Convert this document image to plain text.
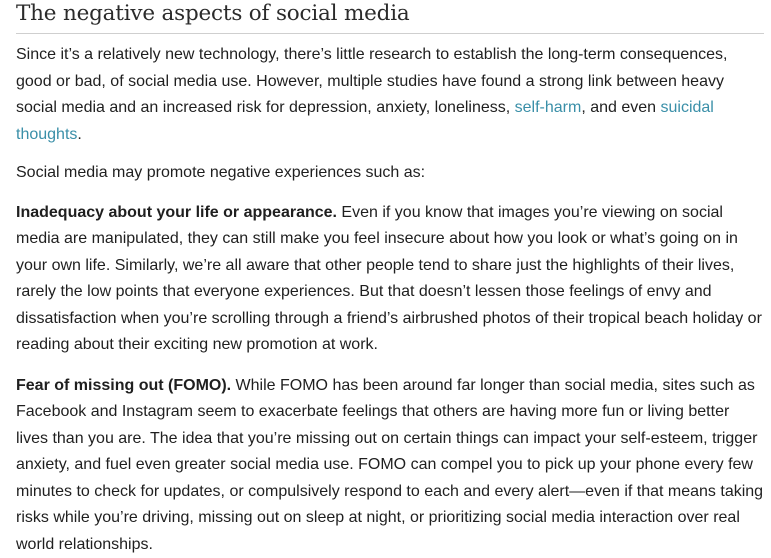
The negative aspects of social media

Since it’s a relatively new technology, there’s little research to establish the long-term consequences, good or bad, of social media use. However, multiple studies have found a strong link between heavy social media and an increased risk for depression, anxiety, loneliness, self-harm, and even suicidal thoughts.

Social media may promote negative experiences such as:

Inadequacy about your life or appearance. Even if you know that images you’re viewing on social media are manipulated, they can still make you feel insecure about how you look or what’s going on in your own life. Similarly, we’re all aware that other people tend to share just the highlights of their lives, rarely the low points that everyone experiences. But that doesn’t lessen those feelings of envy and dissatisfaction when you’re scrolling through a friend’s airbrushed photos of their tropical beach holiday or reading about their exciting new promotion at work.

Fear of missing out (FOMO). While FOMO has been around far longer than social media, sites such as Facebook and Instagram seem to exacerbate feelings that others are having more fun or living better lives than you are. The idea that you’re missing out on certain things can impact your self-esteem, trigger anxiety, and fuel even greater social media use. FOMO can compel you to pick up your phone every few minutes to check for updates, or compulsively respond to each and every alert—even if that means taking risks while you’re driving, missing out on sleep at night, or prioritizing social media interaction over real world relationships.
